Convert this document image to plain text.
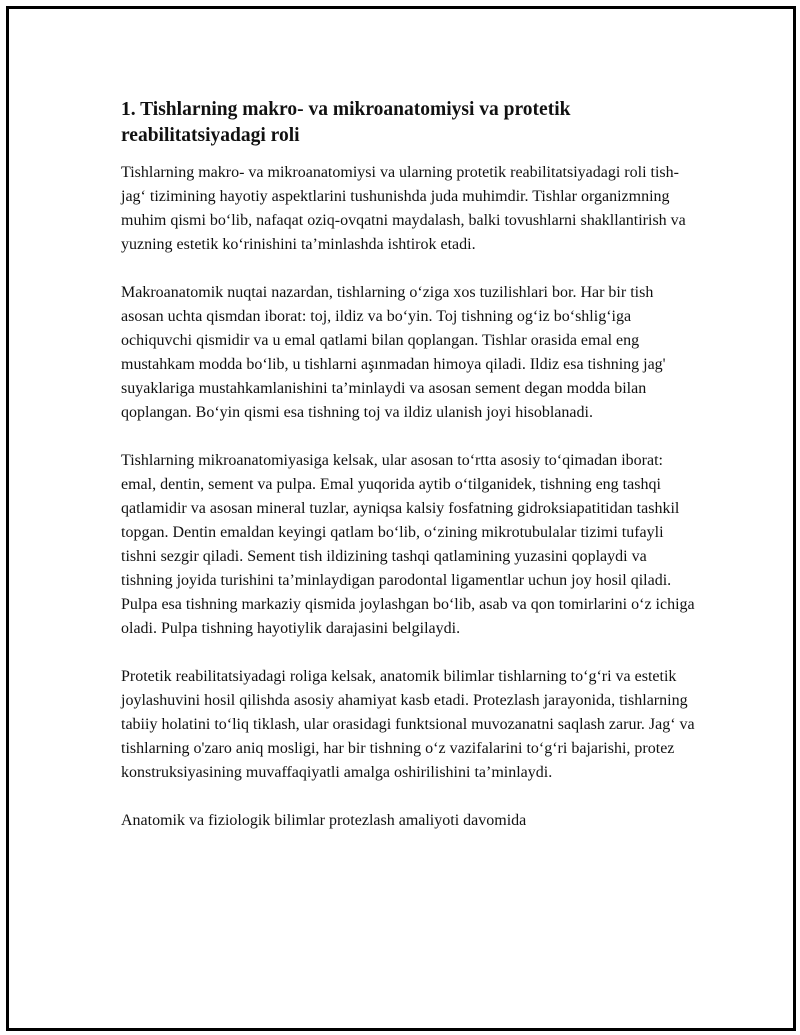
1. Tishlarning makro- va mikroanatomiysi va protetik reabilitatsiyadagi roli

Tishlarning makro- va mikroanatomiysi va ularning protetik reabilitatsiyadagi roli tish-jag‘ tizimining hayotiy aspektlarini tushunishda juda muhimdir. Tishlar organizmning muhim qismi bo‘lib, nafaqat oziq-ovqatni maydalash, balki tovushlarni shakllantirish va yuzning estetik ko‘rinishini ta’minlashda ishtirok etadi.

Makroanatomik nuqtai nazardan, tishlarning o‘ziga xos tuzilishlari bor. Har bir tish asosan uchta qismdan iborat: toj, ildiz va bo‘yin. Toj tishning og‘iz bo‘shlig‘iga ochiquvchi qismidir va u emal qatlami bilan qoplangan. Tishlar orasida emal eng mustahkam modda bo‘lib, u tishlarni aşınmadan himoya qiladi. Ildiz esa tishning jag' suyaklariga mustahkamlanishini ta’minlaydi va asosan sement degan modda bilan qoplangan. Bo‘yin qismi esa tishning toj va ildiz ulanish joyi hisoblanadi.

Tishlarning mikroanatomiyasiga kelsak, ular asosan to‘rtta asosiy to‘qimadan iborat: emal, dentin, sement va pulpa. Emal yuqorida aytib o‘tilganidek, tishning eng tashqi qatlamidir va asosan mineral tuzlar, ayniqsa kalsiy fosfatning gidroksiapatitidan tashkil topgan. Dentin emaldan keyingi qatlam bo‘lib, o‘zining mikrotubulalar tizimi tufayli tishni sezgir qiladi. Sement tish ildizining tashqi qatlamining yuzasini qoplaydi va tishning joyida turishini ta’minlaydigan parodontal ligamentlar uchun joy hosil qiladi. Pulpa esa tishning markaziy qismida joylashgan bo‘lib, asab va qon tomirlarini o‘z ichiga oladi. Pulpa tishning hayotiylik darajasini belgilaydi.

Protetik reabilitatsiyadagi roliga kelsak, anatomik bilimlar tishlarning to‘g‘ri va estetik joylashuvini hosil qilishda asosiy ahamiyat kasb etadi. Protezlash jarayonida, tishlarning tabiiy holatini to‘liq tiklash, ular orasidagi funktsional muvozanatni saqlash zarur. Jag‘ va tishlarning o'zaro aniq mosligi, har bir tishning o‘z vazifalarini to‘g‘ri bajarishi, protez konstruksiyasining muvaffaqiyatli amalga oshirilishini ta’minlaydi.

Anatomik va fiziologik bilimlar protezlash amaliyoti davomida
